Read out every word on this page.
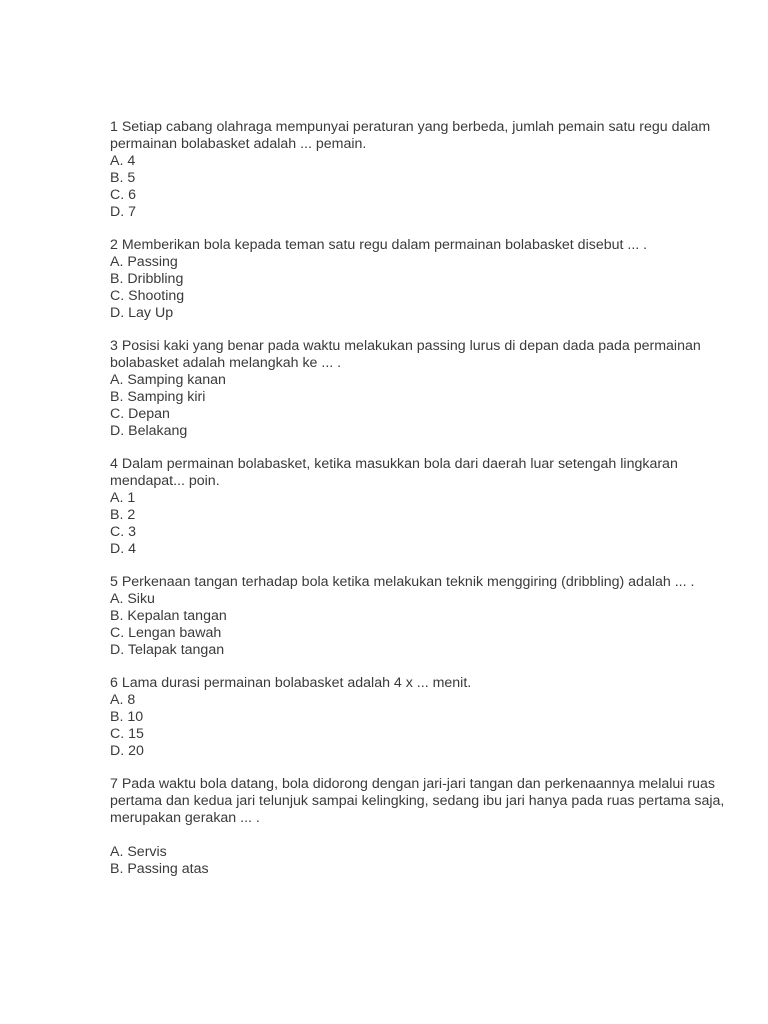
1 Setiap cabang olahraga mempunyai peraturan yang berbeda, jumlah pemain satu regu dalam permainan bolabasket adalah ... pemain.

A. 4

B. 5

C. 6

D. 7

2 Memberikan bola kepada teman satu regu dalam permainan bolabasket disebut ... .

A. Passing

B. Dribbling

C. Shooting

D. Lay Up

3 Posisi kaki yang benar pada waktu melakukan passing lurus di depan dada pada permainan bolabasket adalah melangkah ke ... .

A. Samping kanan

B. Samping kiri

C. Depan

D. Belakang

4 Dalam permainan bolabasket, ketika masukkan bola dari daerah luar setengah lingkaran mendapat... poin.

A. 1

B. 2

C. 3

D. 4

5 Perkenaan tangan terhadap bola ketika melakukan teknik menggiring (dribbling) adalah ... .

A. Siku

B. Kepalan tangan

C. Lengan bawah

D. Telapak tangan

6 Lama durasi permainan bolabasket adalah 4 x ... menit.

A. 8

B. 10

C. 15

D. 20

7 Pada waktu bola datang, bola didorong dengan jari-jari tangan dan perkenaannya melalui ruas pertama dan kedua jari telunjuk sampai kelingking, sedang ibu jari hanya pada ruas pertama saja, merupakan gerakan ... .

A. Servis

B. Passing atas
